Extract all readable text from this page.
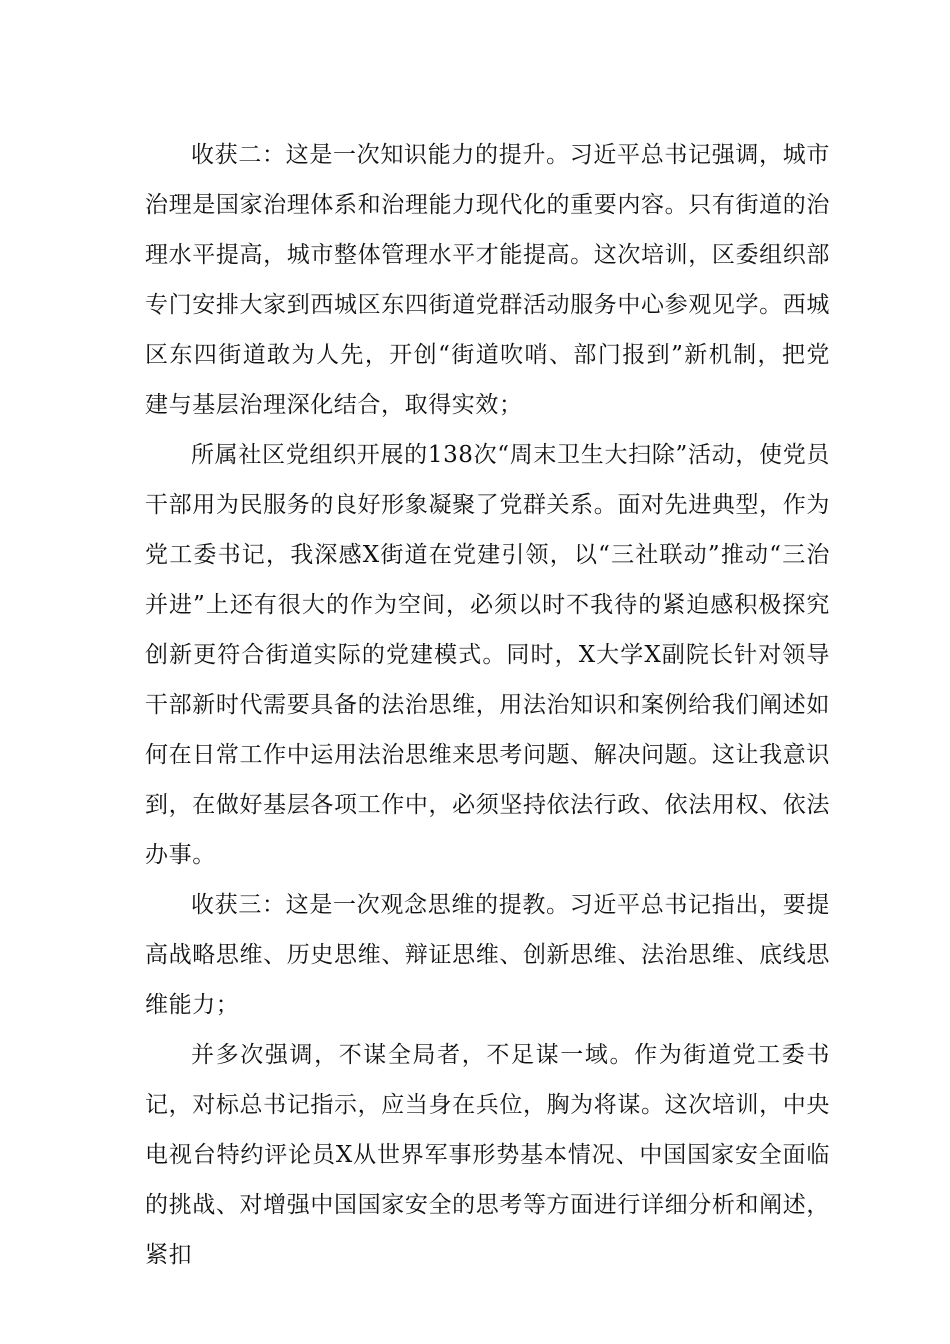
收获二：这是一次知识能力的提升。习近平总书记强调，城市治理是国家治理体系和治理能力现代化的重要内容。只有街道的治理水平提高，城市整体管理水平才能提高。这次培训，区委组织部专门安排大家到西城区东四街道党群活动服务中心参观见学。西城区东四街道敢为人先，开创“街道吹哨、部门报到”新机制，把党建与基层治理深化结合，取得实效；

所属社区党组织开展的138次“周末卫生大扫除”活动，使党员干部用为民服务的良好形象凝聚了党群关系。面对先进典型，作为党工委书记，我深感X街道在党建引领，以“三社联动”推动“三治并进”上还有很大的作为空间，必须以时不我待的紧迫感积极探究创新更符合街道实际的党建模式。同时，X大学X副院长针对领导干部新时代需要具备的法治思维，用法治知识和案例给我们阐述如何在日常工作中运用法治思维来思考问题、解决问题。这让我意识到，在做好基层各项工作中，必须坚持依法行政、依法用权、依法办事。

收获三：这是一次观念思维的提教。习近平总书记指出，要提高战略思维、历史思维、辩证思维、创新思维、法治思维、底线思维能力；

并多次强调，不谋全局者，不足谋一域。作为街道党工委书记，对标总书记指示，应当身在兵位，胸为将谋。这次培训，中央电视台特约评论员X从世界军事形势基本情况、中国国家安全面临的挑战、对增强中国国家安全的思考等方面进行详细分析和阐述，紧扣
